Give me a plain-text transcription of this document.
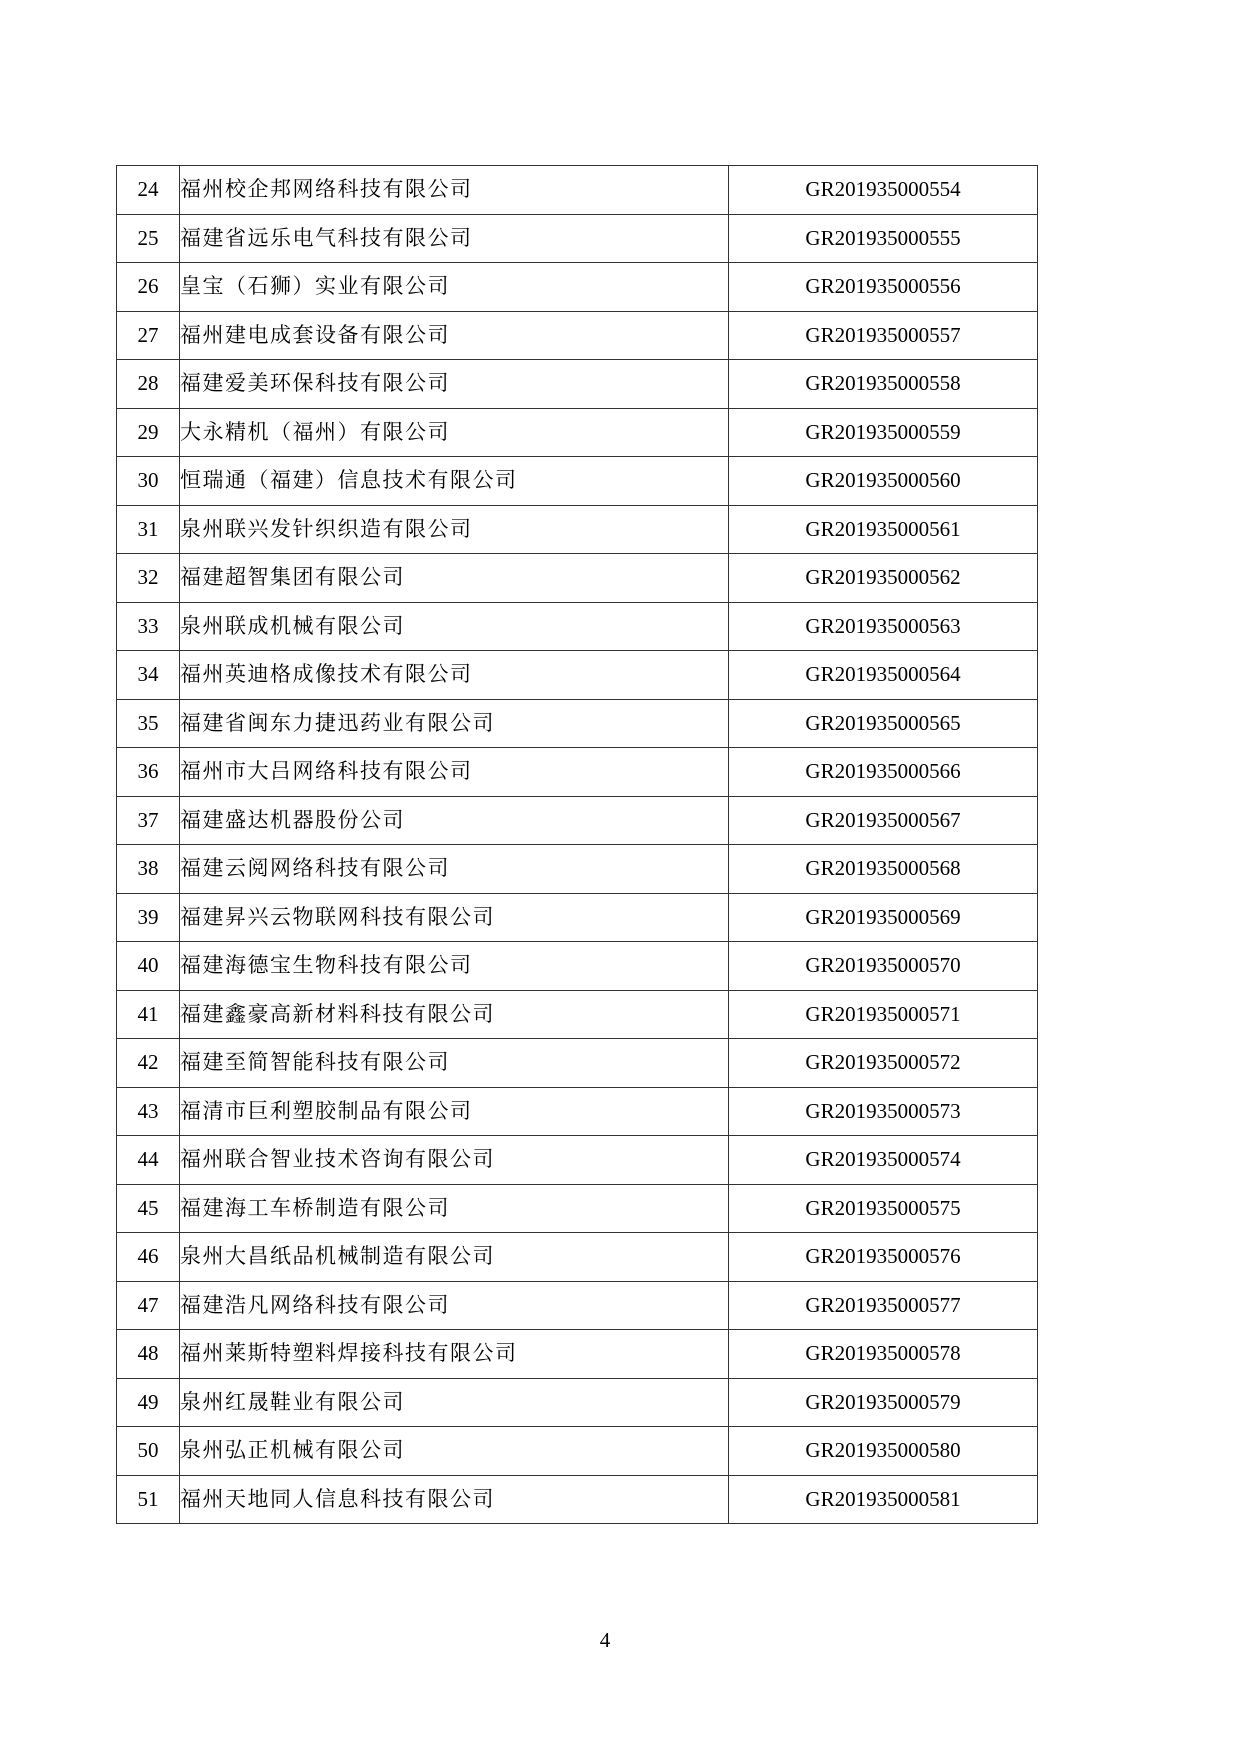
24	福州校企邦网络科技有限公司	GR201935000554
25	福建省远乐电气科技有限公司	GR201935000555
26	皇宝（石狮）实业有限公司	GR201935000556
27	福州建电成套设备有限公司	GR201935000557
28	福建爱美环保科技有限公司	GR201935000558
29	大永精机（福州）有限公司	GR201935000559
30	恒瑞通（福建）信息技术有限公司	GR201935000560
31	泉州联兴发针织织造有限公司	GR201935000561
32	福建超智集团有限公司	GR201935000562
33	泉州联成机械有限公司	GR201935000563
34	福州英迪格成像技术有限公司	GR201935000564
35	福建省闽东力捷迅药业有限公司	GR201935000565
36	福州市大吕网络科技有限公司	GR201935000566
37	福建盛达机器股份公司	GR201935000567
38	福建云阅网络科技有限公司	GR201935000568
39	福建昇兴云物联网科技有限公司	GR201935000569
40	福建海德宝生物科技有限公司	GR201935000570
41	福建鑫豪高新材料科技有限公司	GR201935000571
42	福建至简智能科技有限公司	GR201935000572
43	福清市巨利塑胶制品有限公司	GR201935000573
44	福州联合智业技术咨询有限公司	GR201935000574
45	福建海工车桥制造有限公司	GR201935000575
46	泉州大昌纸品机械制造有限公司	GR201935000576
47	福建浩凡网络科技有限公司	GR201935000577
48	福州莱斯特塑料焊接科技有限公司	GR201935000578
49	泉州红晟鞋业有限公司	GR201935000579
50	泉州弘正机械有限公司	GR201935000580
51	福州天地同人信息科技有限公司	GR201935000581
4
